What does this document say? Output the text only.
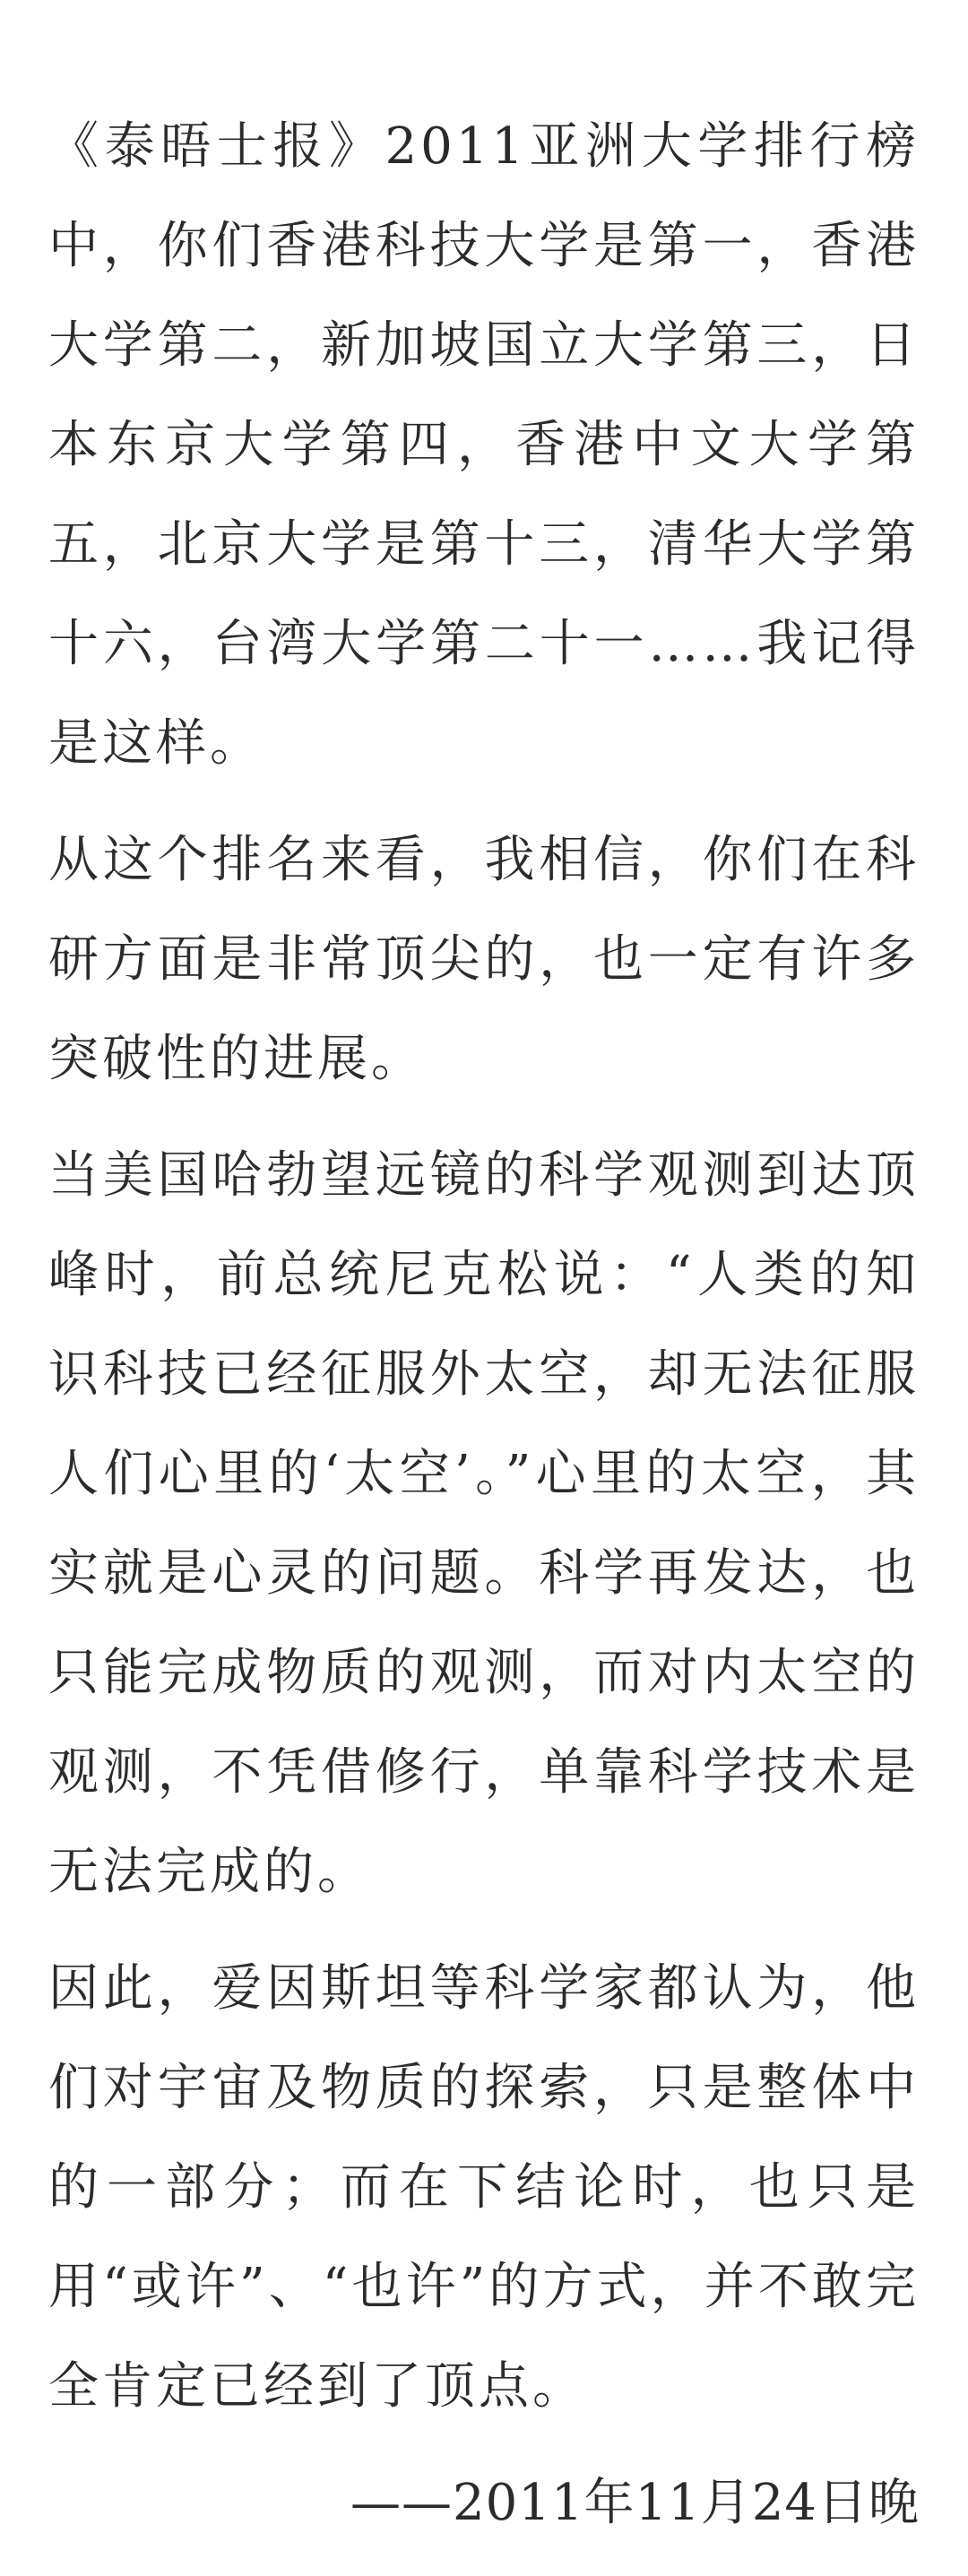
《泰晤士报》2011亚洲大学排行榜中，你们香港科技大学是第一，香港大学第二，新加坡国立大学第三，日本东京大学第四，香港中文大学第五，北京大学是第十三，清华大学第十六，台湾大学第二十一……我记得是这样。

从这个排名来看，我相信，你们在科研方面是非常顶尖的，也一定有许多突破性的进展。

当美国哈勃望远镜的科学观测到达顶峰时，前总统尼克松说：“人类的知识科技已经征服外太空，却无法征服人们心里的‘太空’。”心里的太空，其实就是心灵的问题。科学再发达，也只能完成物质的观测，而对内太空的观测，不凭借修行，单靠科学技术是无法完成的。

因此，爱因斯坦等科学家都认为，他们对宇宙及物质的探索，只是整体中的一部分；而在下结论时，也只是用“或许”、“也许”的方式，并不敢完全肯定已经到了顶点。

——2011年11月24日晚
